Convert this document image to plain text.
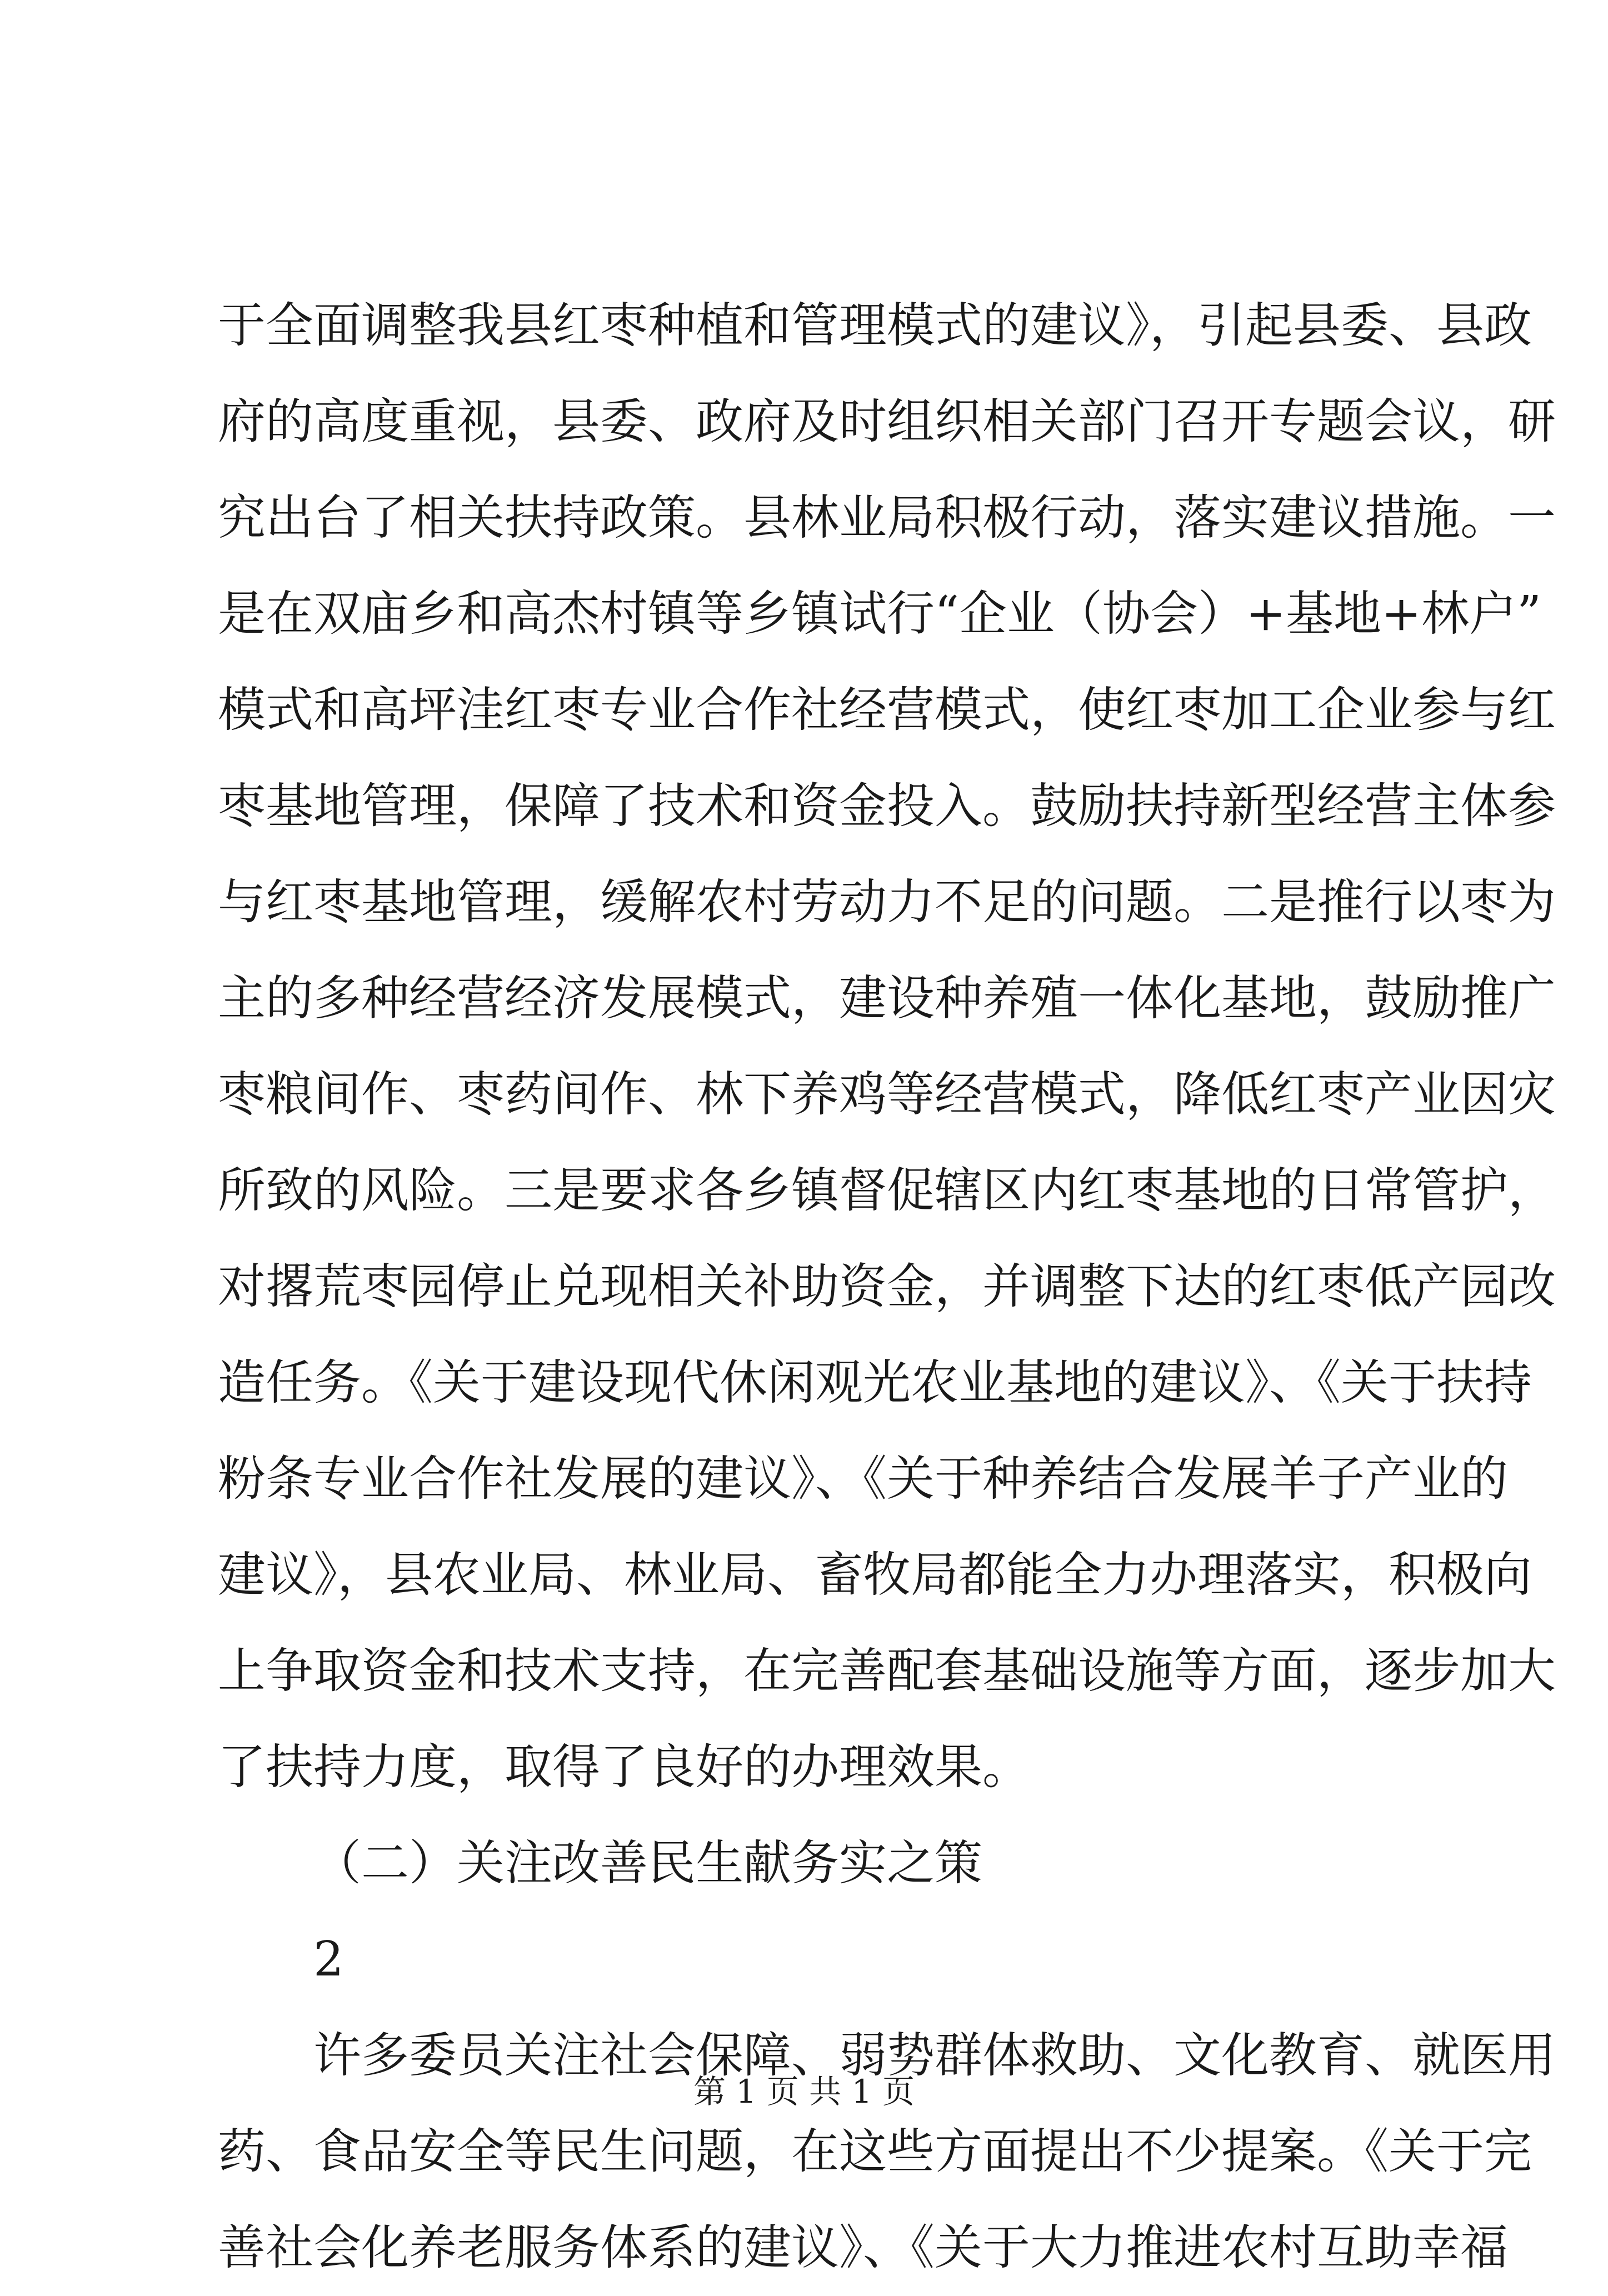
于全面调整我县红枣种植和管理模式的建议》，引起县委、县政
府的高度重视，县委、政府及时组织相关部门召开专题会议，研
究出台了相关扶持政策。县林业局积极行动，落实建议措施。一
是在双庙乡和高杰村镇等乡镇试行“企业（协会）+基地+林户”
模式和高坪洼红枣专业合作社经营模式，使红枣加工企业参与红
枣基地管理，保障了技术和资金投入。鼓励扶持新型经营主体参
与红枣基地管理，缓解农村劳动力不足的问题。二是推行以枣为
主的多种经营经济发展模式，建设种养殖一体化基地，鼓励推广
枣粮间作、枣药间作、林下养鸡等经营模式，降低红枣产业因灾
所致的风险。三是要求各乡镇督促辖区内红枣基地的日常管护，
对撂荒枣园停止兑现相关补助资金，并调整下达的红枣低产园改
造任务。《关于建设现代休闲观光农业基地的建议》、《关于扶持
粉条专业合作社发展的建议》、《关于种养结合发展羊子产业的
建议》，县农业局、林业局、畜牧局都能全力办理落实，积极向
上争取资金和技术支持，在完善配套基础设施等方面，逐步加大
了扶持力度，取得了良好的办理效果。
（二）关注改善民生献务实之策
2
许多委员关注社会保障、弱势群体救助、文化教育、就医用
药、食品安全等民生问题，在这些方面提出不少提案。《关于完
善社会化养老服务体系的建议》、《关于大力推进农村互助幸福
第 1 页 共 1 页
